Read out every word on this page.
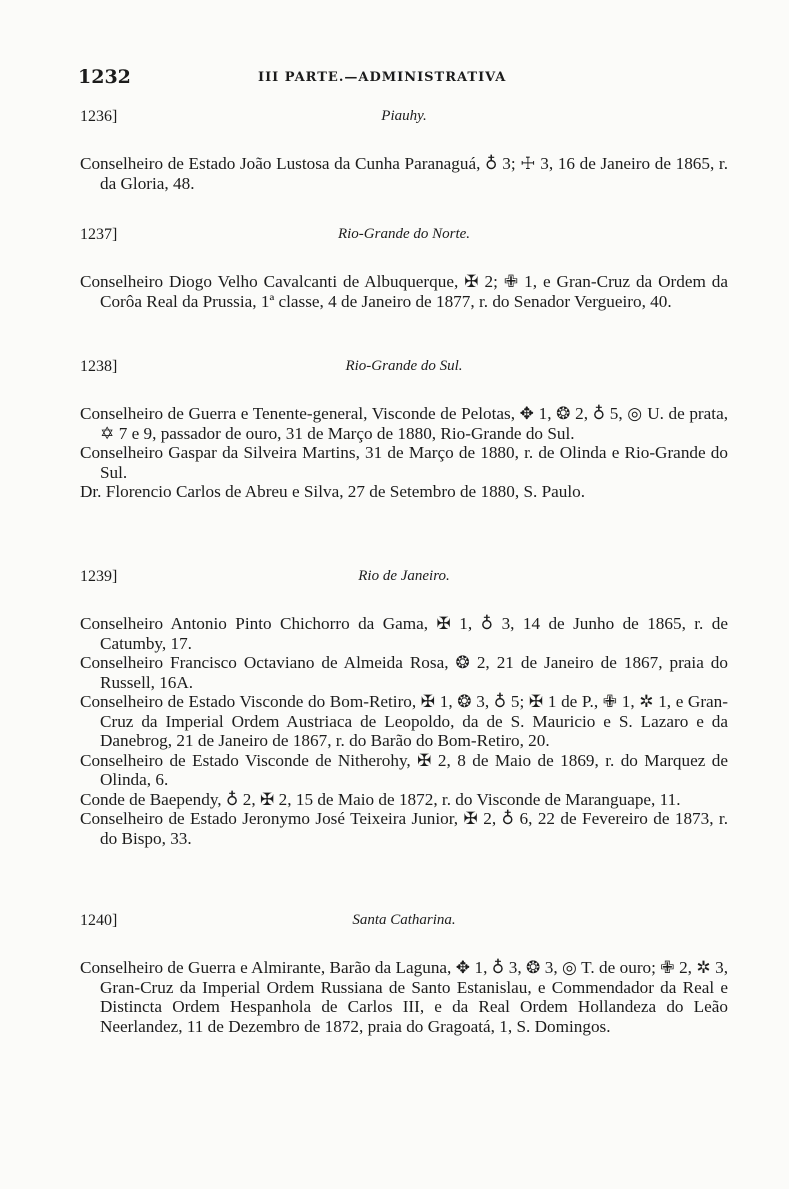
1232	III PARTE.—ADMINISTRATIVA
1236]	Piauhy.

Conselheiro de Estado João Lustosa da Cunha Paranaguá, ♁ 3; ☩ 3, 16 de Janeiro de 1865, r. da Gloria, 48.

1237]	Rio-Grande do Norte.

Conselheiro Diogo Velho Cavalcanti de Albuquerque, ✠ 2; ✙ 1, e Gran-Cruz da Ordem da Corôa Real da Prussia, 1ª classe, 4 de Janeiro de 1877, r. do Senador Vergueiro, 40.

1238]	Rio-Grande do Sul.

Conselheiro de Guerra e Tenente-general, Visconde de Pelotas, ✥ 1, ❂ 2, ♁ 5, ◎ U. de prata, ✡ 7 e 9, passador de ouro, 31 de Março de 1880, Rio-Grande do Sul.

Conselheiro Gaspar da Silveira Martins, 31 de Março de 1880, r. de Olinda e Rio-Grande do Sul.

Dr. Florencio Carlos de Abreu e Silva, 27 de Setembro de 1880, S. Paulo.

1239]	Rio de Janeiro.

Conselheiro Antonio Pinto Chichorro da Gama, ✠ 1, ♁ 3, 14 de Junho de 1865, r. de Catumby, 17.

Conselheiro Francisco Octaviano de Almeida Rosa, ❂ 2, 21 de Janeiro de 1867, praia do Russell, 16A.

Conselheiro de Estado Visconde do Bom-Retiro, ✠ 1, ❂ 3, ♁ 5; ✠ 1 de P., ✙ 1, ✲ 1, e Gran-Cruz da Imperial Ordem Austriaca de Leopoldo, da de S. Mauricio e S. Lazaro e da Danebrog, 21 de Janeiro de 1867, r. do Barão do Bom-Retiro, 20.

Conselheiro de Estado Visconde de Nitherohy, ✠ 2, 8 de Maio de 1869, r. do Marquez de Olinda, 6.

Conde de Baependy, ♁ 2, ✠ 2, 15 de Maio de 1872, r. do Visconde de Maranguape, 11.

Conselheiro de Estado Jeronymo José Teixeira Junior, ✠ 2, ♁ 6, 22 de Fevereiro de 1873, r. do Bispo, 33.

1240]	Santa Catharina.

Conselheiro de Guerra e Almirante, Barão da Laguna, ✥ 1, ♁ 3, ❂ 3, ◎ T. de ouro; ✙ 2, ✲ 3, Gran-Cruz da Imperial Ordem Russiana de Santo Estanislau, e Commendador da Real e Distincta Ordem Hespanhola de Carlos III, e da Real Ordem Hollandeza do Leão Neerlandez, 11 de Dezembro de 1872, praia do Gragoatá, 1, S. Domingos.
